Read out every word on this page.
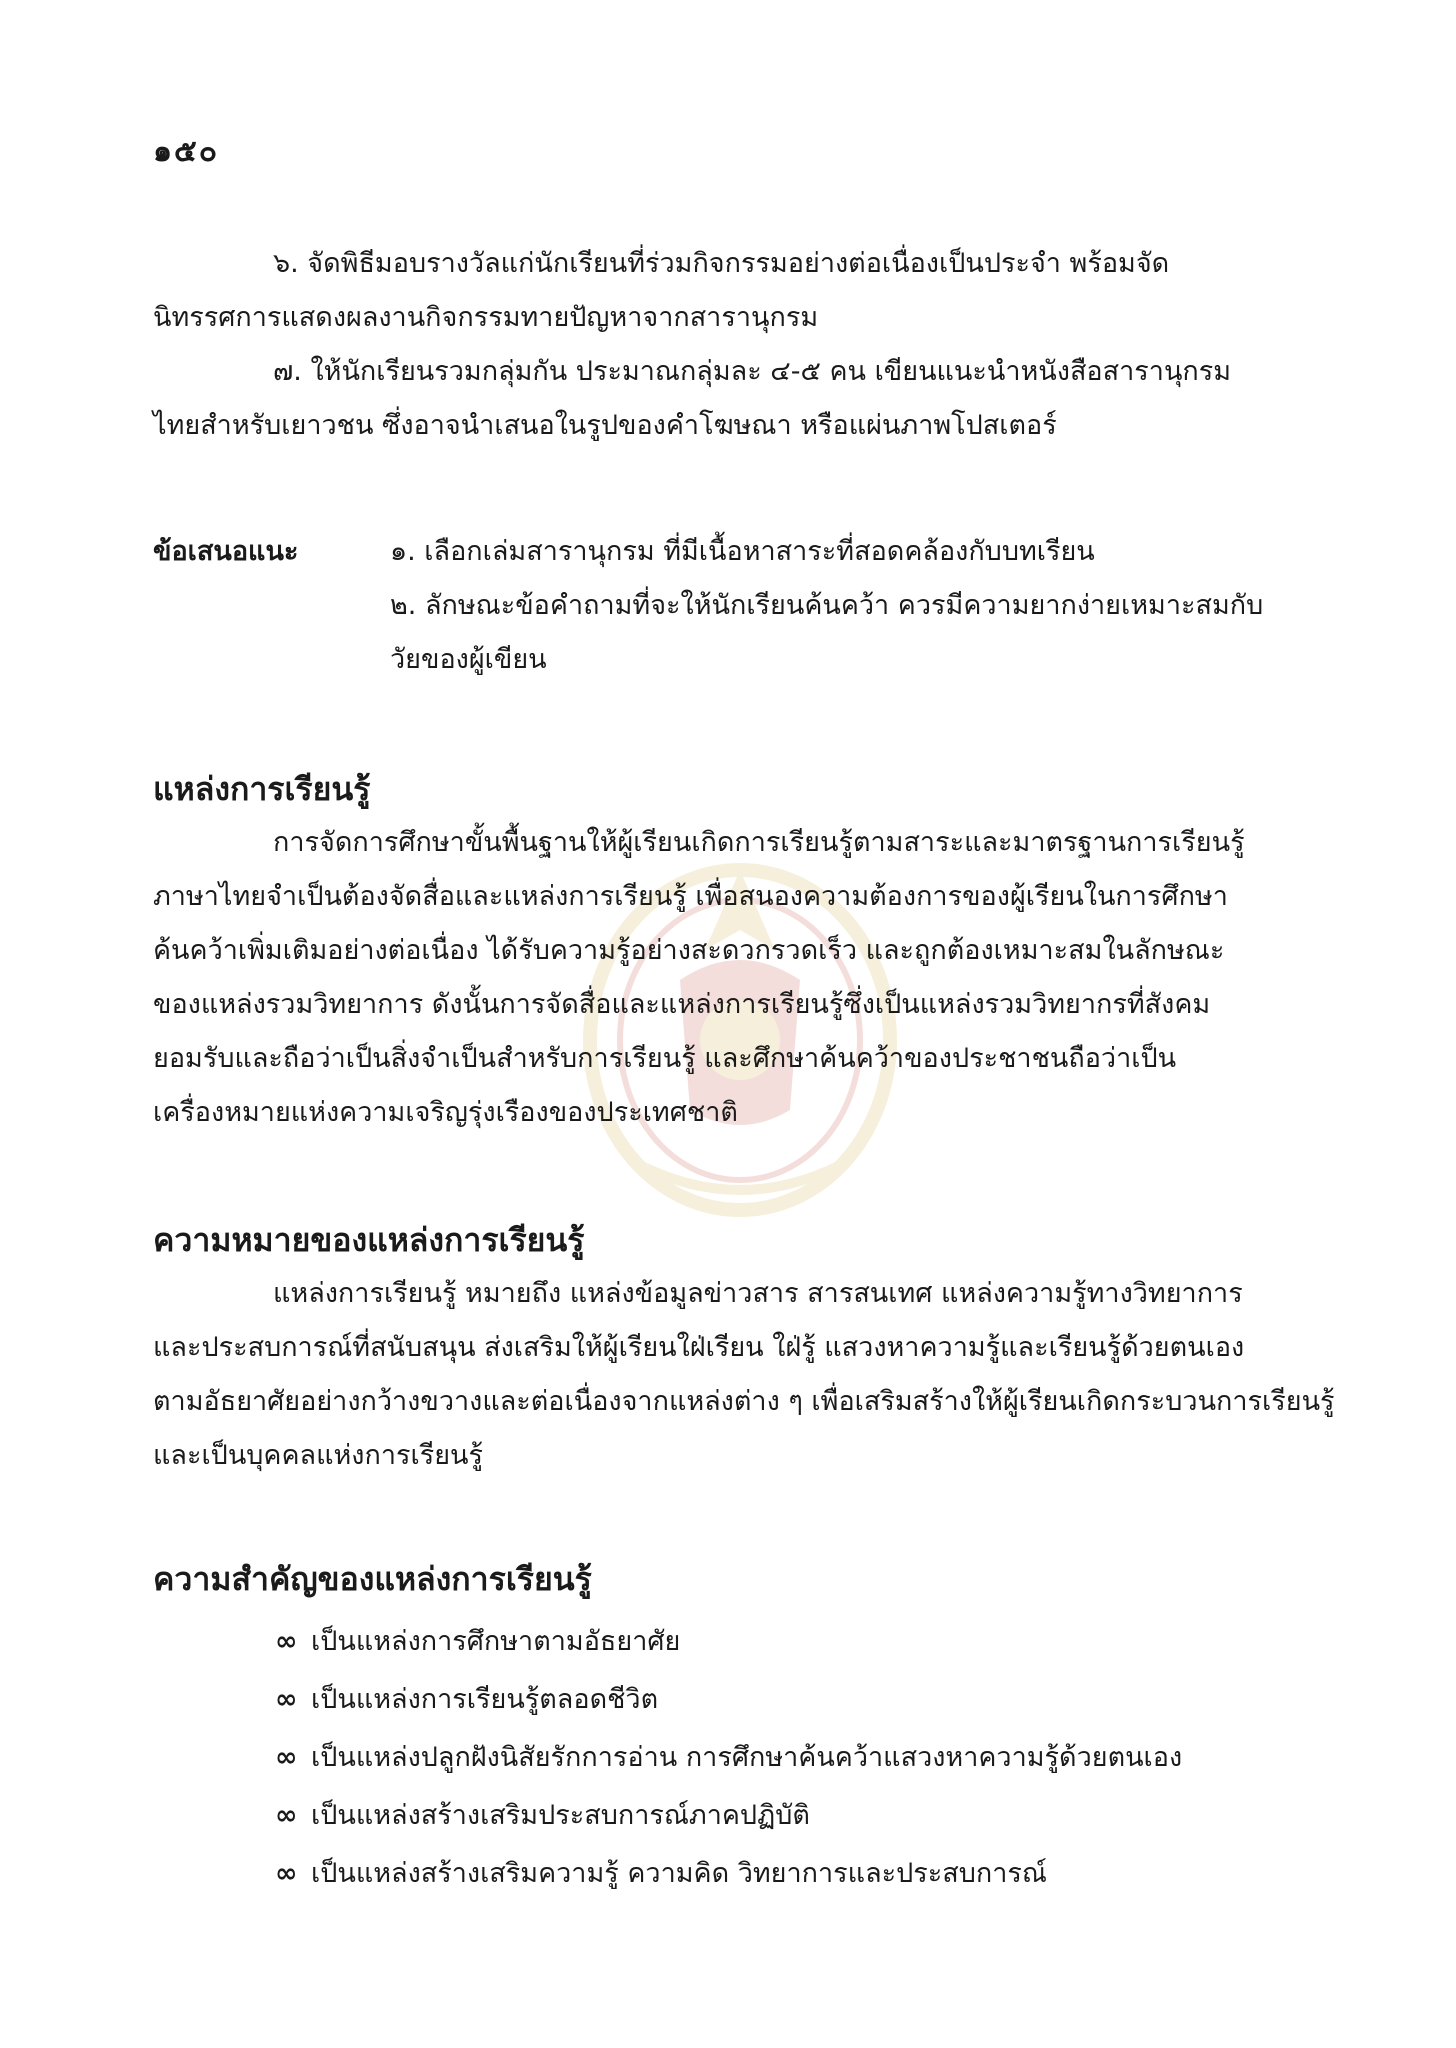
๑๕๐
๖. จัดพิธีมอบรางวัลแก่นักเรียนที่ร่วมกิจกรรมอย่างต่อเนื่องเป็นประจำ พร้อมจัด
นิทรรศการแสดงผลงานกิจกรรมทายปัญหาจากสารานุกรม
๗. ให้นักเรียนรวมกลุ่มกัน ประมาณกลุ่มละ ๔-๕ คน เขียนแนะนำหนังสือสารานุกรม
ไทยสำหรับเยาวชน ซึ่งอาจนำเสนอในรูปของคำโฆษณา หรือแผ่นภาพโปสเตอร์
ข้อเสนอแนะ	๑. เลือกเล่มสารานุกรม ที่มีเนื้อหาสาระที่สอดคล้องกับบทเรียน
๒. ลักษณะข้อคำถามที่จะให้นักเรียนค้นคว้า ควรมีความยากง่ายเหมาะสมกับ
วัยของผู้เขียน
แหล่งการเรียนรู้
การจัดการศึกษาขั้นพื้นฐานให้ผู้เรียนเกิดการเรียนรู้ตามสาระและมาตรฐานการเรียนรู้
ภาษาไทยจำเป็นต้องจัดสื่อและแหล่งการเรียนรู้ เพื่อสนองความต้องการของผู้เรียนในการศึกษา
ค้นคว้าเพิ่มเติมอย่างต่อเนื่อง ได้รับความรู้อย่างสะดวกรวดเร็ว และถูกต้องเหมาะสมในลักษณะ
ของแหล่งรวมวิทยาการ ดังนั้นการจัดสื่อและแหล่งการเรียนรู้ซึ่งเป็นแหล่งรวมวิทยากรที่สังคม
ยอมรับและถือว่าเป็นสิ่งจำเป็นสำหรับการเรียนรู้ และศึกษาค้นคว้าของประชาชนถือว่าเป็น
เครื่องหมายแห่งความเจริญรุ่งเรืองของประเทศชาติ
ความหมายของแหล่งการเรียนรู้
แหล่งการเรียนรู้ หมายถึง แหล่งข้อมูลข่าวสาร สารสนเทศ แหล่งความรู้ทางวิทยาการ
และประสบการณ์ที่สนับสนุน ส่งเสริมให้ผู้เรียนใฝ่เรียน ใฝ่รู้ แสวงหาความรู้และเรียนรู้ด้วยตนเอง
ตามอัธยาศัยอย่างกว้างขวางและต่อเนื่องจากแหล่งต่าง ๆ เพื่อเสริมสร้างให้ผู้เรียนเกิดกระบวนการเรียนรู้
และเป็นบุคคลแห่งการเรียนรู้
ความสำคัญของแหล่งการเรียนรู้
∞ เป็นแหล่งการศึกษาตามอัธยาศัย
∞ เป็นแหล่งการเรียนรู้ตลอดชีวิต
∞ เป็นแหล่งปลูกฝังนิสัยรักการอ่าน การศึกษาค้นคว้าแสวงหาความรู้ด้วยตนเอง
∞ เป็นแหล่งสร้างเสริมประสบการณ์ภาคปฏิบัติ
∞ เป็นแหล่งสร้างเสริมความรู้ ความคิด วิทยาการและประสบการณ์
